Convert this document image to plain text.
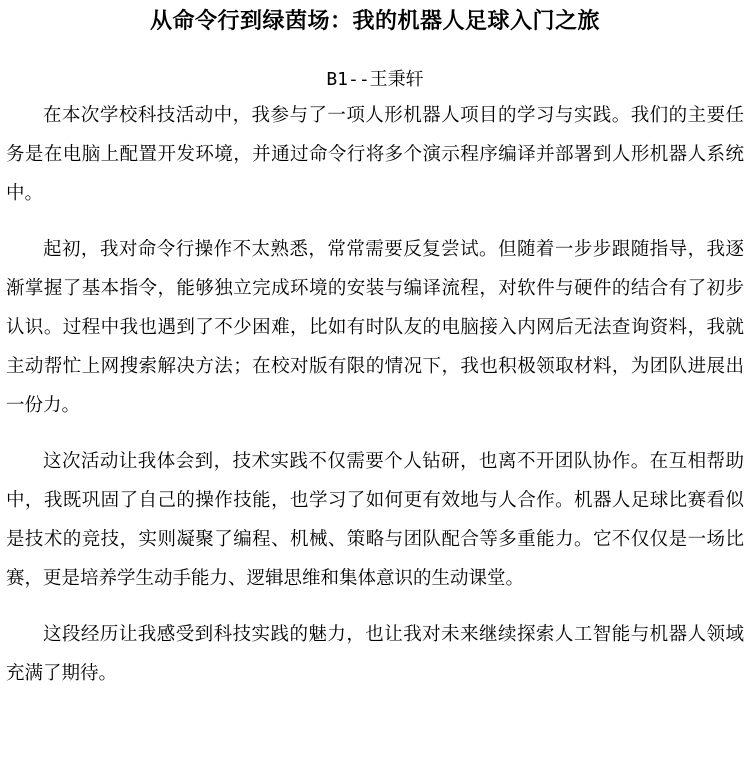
从命令行到绿茵场：我的机器人足球入门之旅
B1--王秉轩

在本次学校科技活动中，我参与了一项人形机器人项目的学习与实践。我们的主要任务是在电脑上配置开发环境，并通过命令行将多个演示程序编译并部署到人形机器人系统中。

起初，我对命令行操作不太熟悉，常常需要反复尝试。但随着一步步跟随指导，我逐渐掌握了基本指令，能够独立完成环境的安装与编译流程，对软件与硬件的结合有了初步认识。过程中我也遇到了不少困难，比如有时队友的电脑接入内网后无法查询资料，我就主动帮忙上网搜索解决方法；在校对版有限的情况下，我也积极领取材料，为团队进展出一份力。

这次活动让我体会到，技术实践不仅需要个人钻研，也离不开团队协作。在互相帮助中，我既巩固了自己的操作技能，也学习了如何更有效地与人合作。机器人足球比赛看似是技术的竞技，实则凝聚了编程、机械、策略与团队配合等多重能力。它不仅仅是一场比赛，更是培养学生动手能力、逻辑思维和集体意识的生动课堂。

这段经历让我感受到科技实践的魅力，也让我对未来继续探索人工智能与机器人领域充满了期待。
